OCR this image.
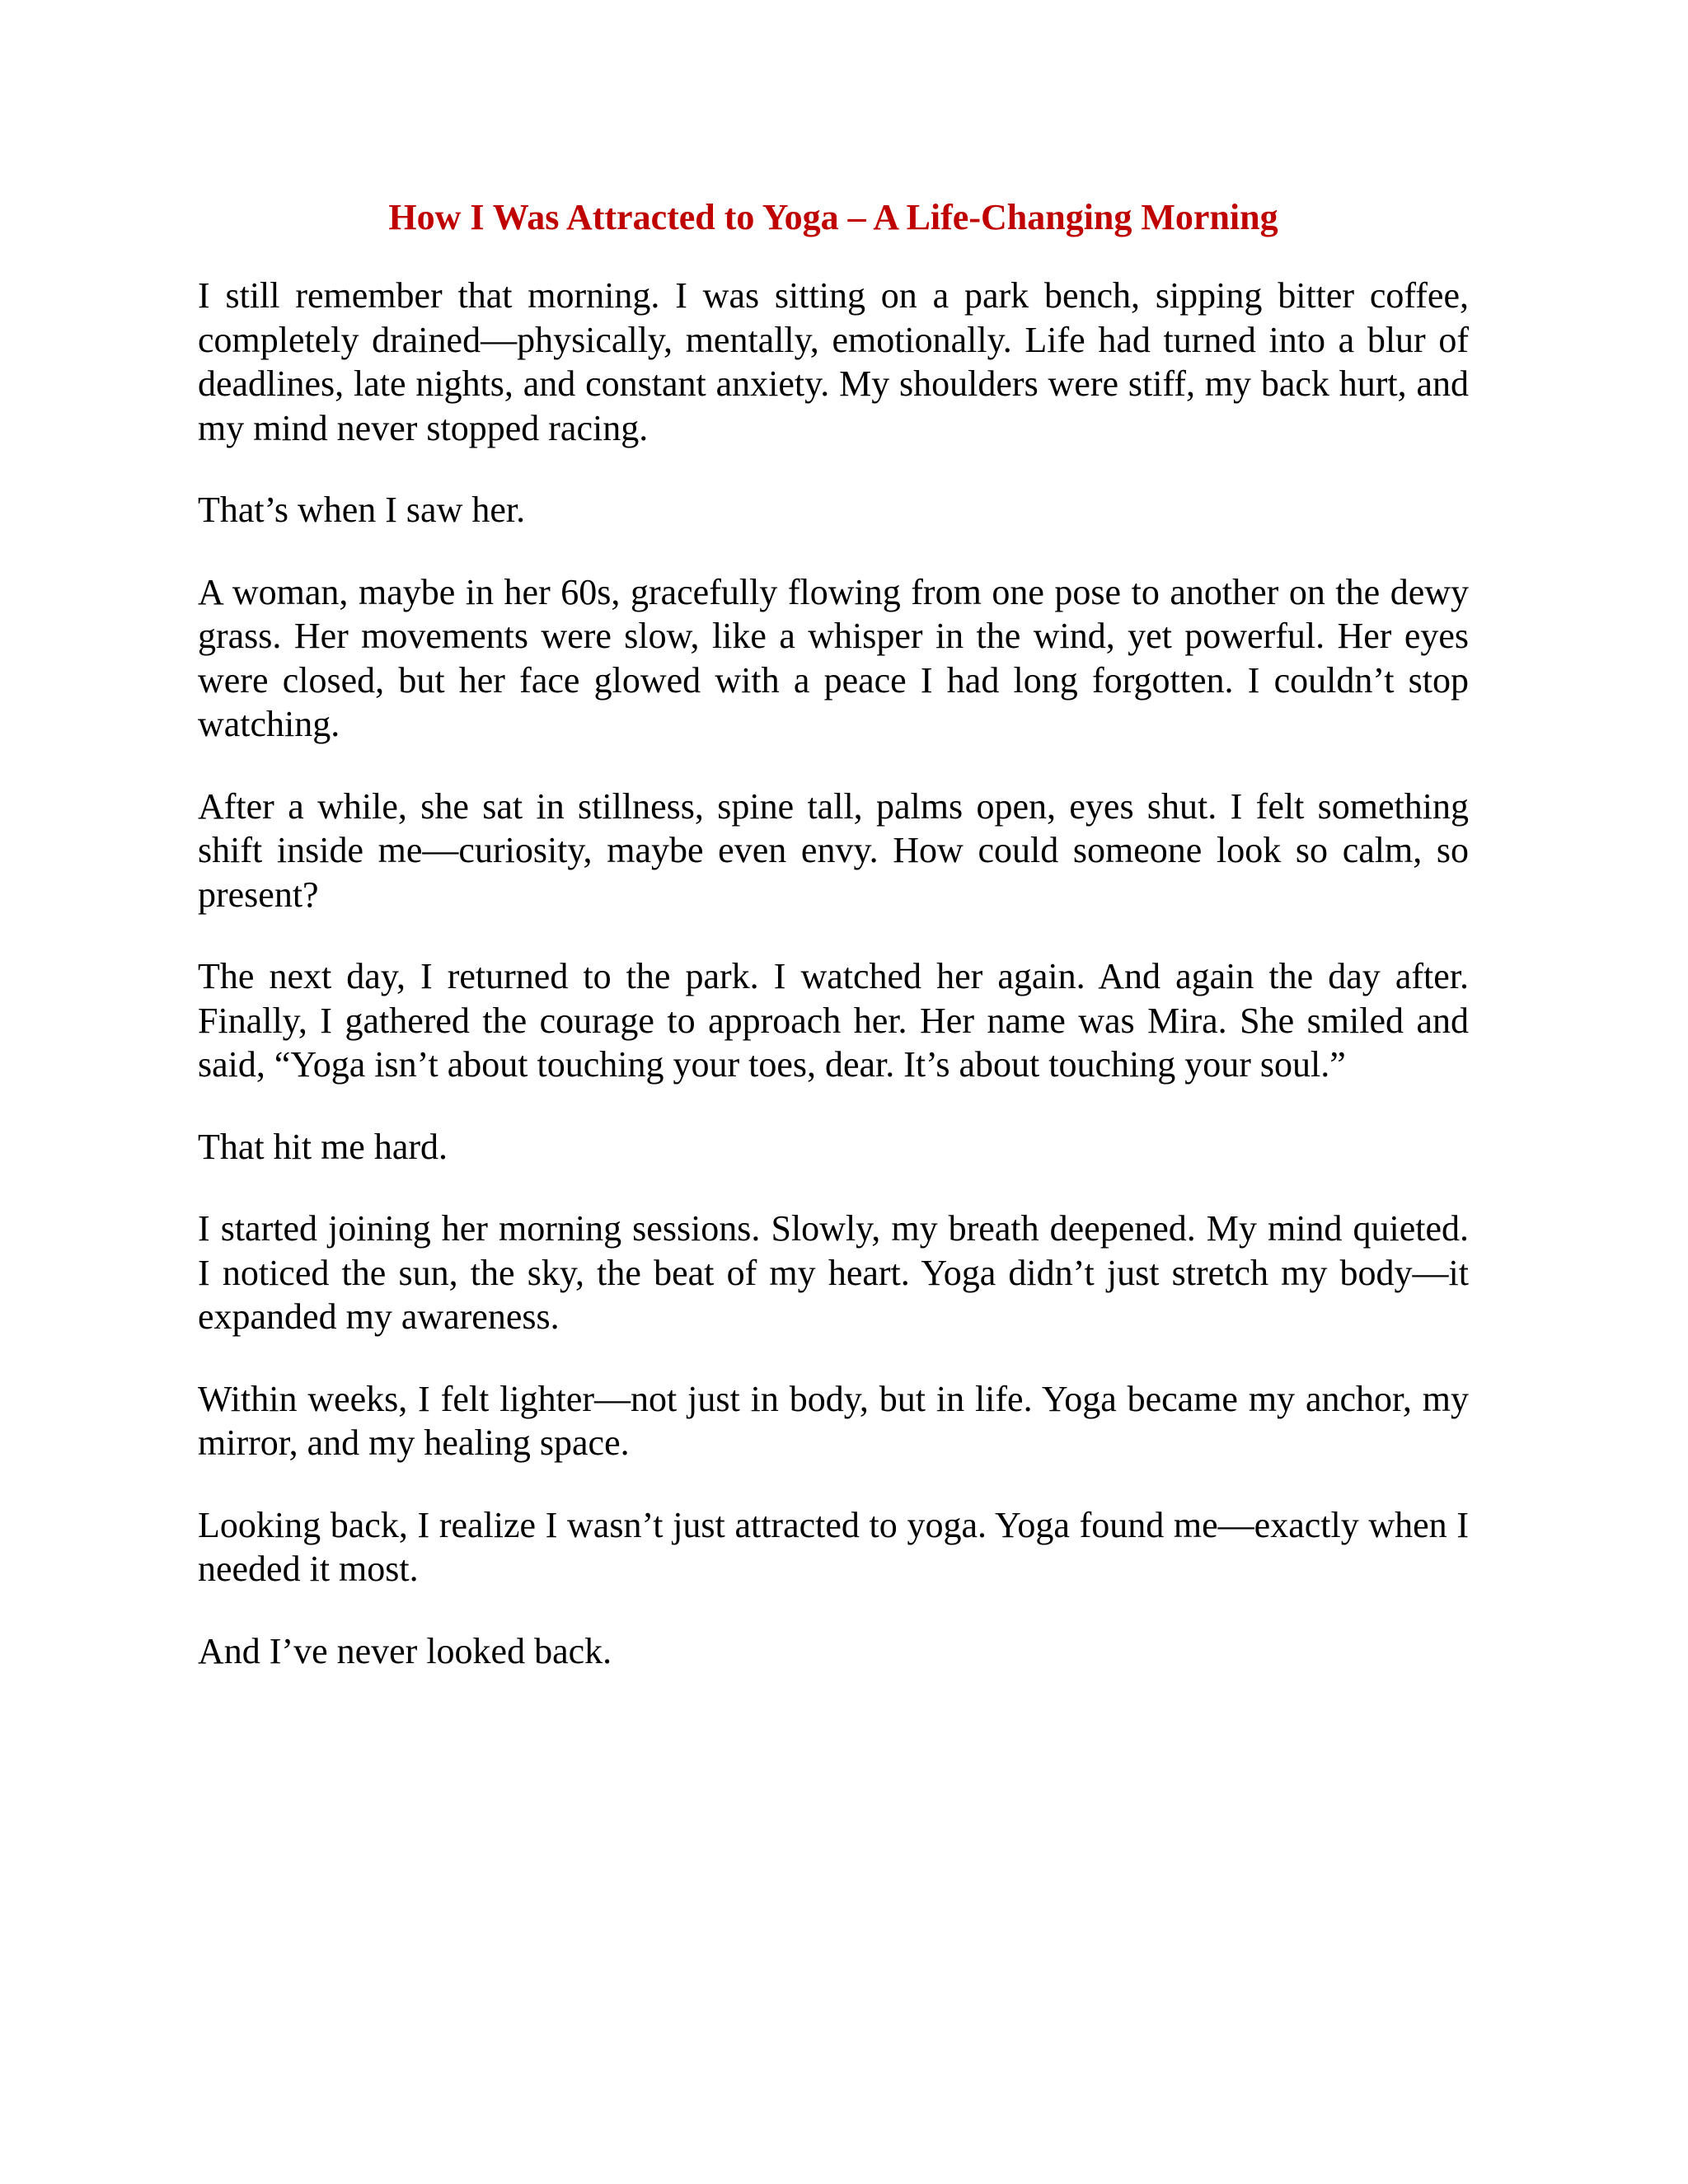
How I Was Attracted to Yoga – A Life-Changing Morning

I still remember that morning. I was sitting on a park bench, sipping bitter coffee, completely drained—physically, mentally, emotionally. Life had turned into a blur of deadlines, late nights, and constant anxiety. My shoulders were stiff, my back hurt, and my mind never stopped racing.

That’s when I saw her.

A woman, maybe in her 60s, gracefully flowing from one pose to another on the dewy grass. Her movements were slow, like a whisper in the wind, yet powerful. Her eyes were closed, but her face glowed with a peace I had long forgotten. I couldn’t stop watching.

After a while, she sat in stillness, spine tall, palms open, eyes shut. I felt something shift inside me—curiosity, maybe even envy. How could someone look so calm, so present?

The next day, I returned to the park. I watched her again. And again the day after. Finally, I gathered the courage to approach her. Her name was Mira. She smiled and said, “Yoga isn’t about touching your toes, dear. It’s about touching your soul.”

That hit me hard.

I started joining her morning sessions. Slowly, my breath deepened. My mind quieted. I noticed the sun, the sky, the beat of my heart. Yoga didn’t just stretch my body—it expanded my awareness.

Within weeks, I felt lighter—not just in body, but in life. Yoga became my anchor, my mirror, and my healing space.

Looking back, I realize I wasn’t just attracted to yoga. Yoga found me—exactly when I needed it most.

And I’ve never looked back.
